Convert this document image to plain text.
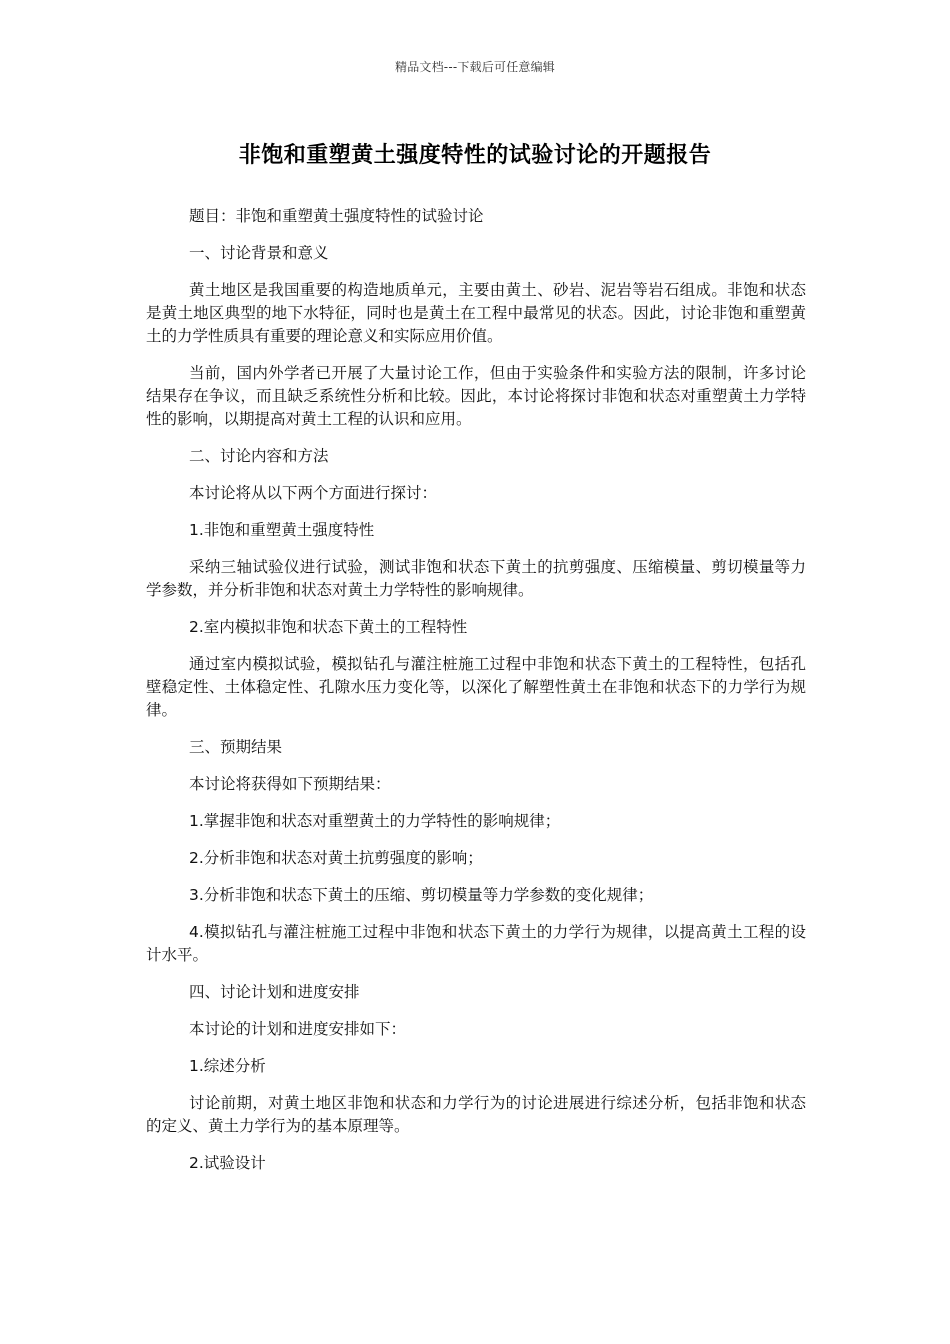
精品文档---下载后可任意编辑
非饱和重塑黄土强度特性的试验讨论的开题报告

题目：非饱和重塑黄土强度特性的试验讨论

一、讨论背景和意义

黄土地区是我国重要的构造地质单元，主要由黄土、砂岩、泥岩等岩石组成。非饱和状态是黄土地区典型的地下水特征，同时也是黄土在工程中最常见的状态。因此，讨论非饱和重塑黄土的力学性质具有重要的理论意义和实际应用价值。

当前，国内外学者已开展了大量讨论工作，但由于实验条件和实验方法的限制，许多讨论结果存在争议，而且缺乏系统性分析和比较。因此，本讨论将探讨非饱和状态对重塑黄土力学特性的影响，以期提高对黄土工程的认识和应用。

二、讨论内容和方法

本讨论将从以下两个方面进行探讨：

1.非饱和重塑黄土强度特性

采纳三轴试验仪进行试验，测试非饱和状态下黄土的抗剪强度、压缩模量、剪切模量等力学参数，并分析非饱和状态对黄土力学特性的影响规律。

2.室内模拟非饱和状态下黄土的工程特性

通过室内模拟试验，模拟钻孔与灌注桩施工过程中非饱和状态下黄土的工程特性，包括孔壁稳定性、土体稳定性、孔隙水压力变化等，以深化了解塑性黄土在非饱和状态下的力学行为规律。

三、预期结果

本讨论将获得如下预期结果：

1.掌握非饱和状态对重塑黄土的力学特性的影响规律；

2.分析非饱和状态对黄土抗剪强度的影响；

3.分析非饱和状态下黄土的压缩、剪切模量等力学参数的变化规律；

4.模拟钻孔与灌注桩施工过程中非饱和状态下黄土的力学行为规律，以提高黄土工程的设计水平。

四、讨论计划和进度安排

本讨论的计划和进度安排如下：

1.综述分析

讨论前期，对黄土地区非饱和状态和力学行为的讨论进展进行综述分析，包括非饱和状态的定义、黄土力学行为的基本原理等。

2.试验设计
